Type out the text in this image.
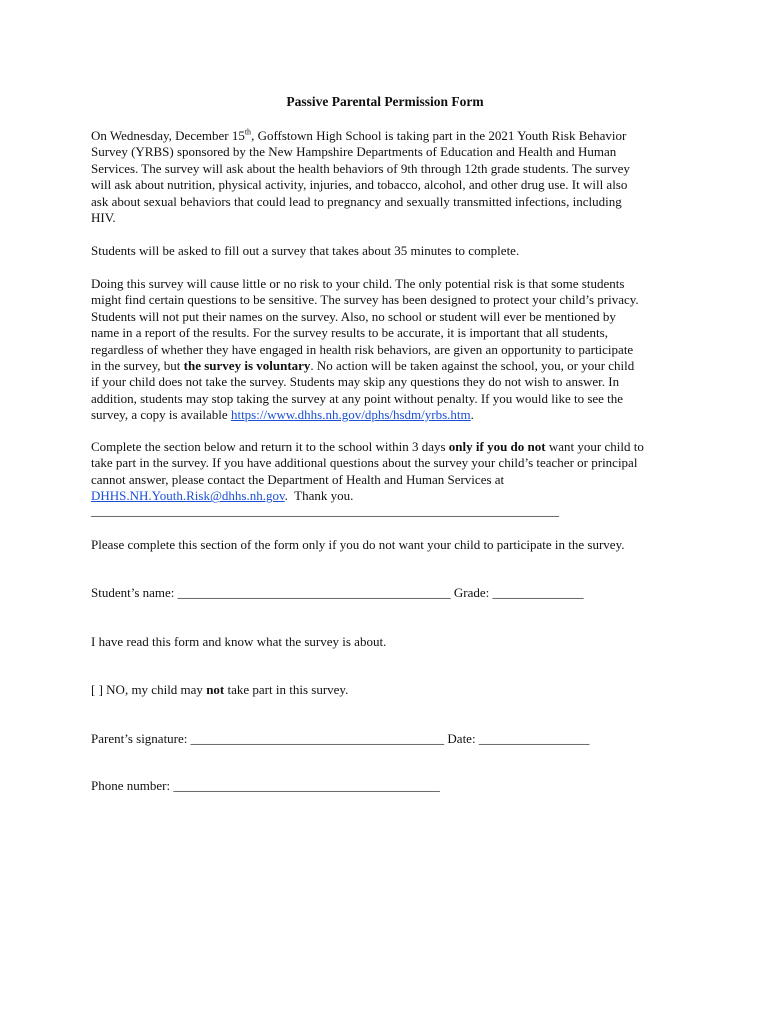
Passive Parental Permission Form
On Wednesday, December 15th, Goffstown High School is taking part in the 2021 Youth Risk Behavior
Survey (YRBS) sponsored by the New Hampshire Departments of Education and Health and Human
Services. The survey will ask about the health behaviors of 9th through 12th grade students. The survey
will ask about nutrition, physical activity, injuries, and tobacco, alcohol, and other drug use. It will also
ask about sexual behaviors that could lead to pregnancy and sexually transmitted infections, including
HIV.
Students will be asked to fill out a survey that takes about 35 minutes to complete.
Doing this survey will cause little or no risk to your child. The only potential risk is that some students
might find certain questions to be sensitive. The survey has been designed to protect your child’s privacy.
Students will not put their names on the survey. Also, no school or student will ever be mentioned by
name in a report of the results. For the survey results to be accurate, it is important that all students,
regardless of whether they have engaged in health risk behaviors, are given an opportunity to participate
in the survey, but the survey is voluntary. No action will be taken against the school, you, or your child
if your child does not take the survey. Students may skip any questions they do not wish to answer. In
addition, students may stop taking the survey at any point without penalty. If you would like to see the
survey, a copy is available https://www.dhhs.nh.gov/dphs/hsdm/yrbs.htm.
Complete the section below and return it to the school within 3 days only if you do not want your child to
take part in the survey. If you have additional questions about the survey your child’s teacher or principal
cannot answer, please contact the Department of Health and Human Services at
DHHS.NH.Youth.Risk@dhhs.nh.gov.  Thank you.
________________________________________________________________________
Please complete this section of the form only if you do not want your child to participate in the survey.
Student’s name: __________________________________________ Grade: ______________
I have read this form and know what the survey is about.
[ ] NO, my child may not take part in this survey.
Parent’s signature: _______________________________________ Date: _________________
Phone number: _________________________________________
